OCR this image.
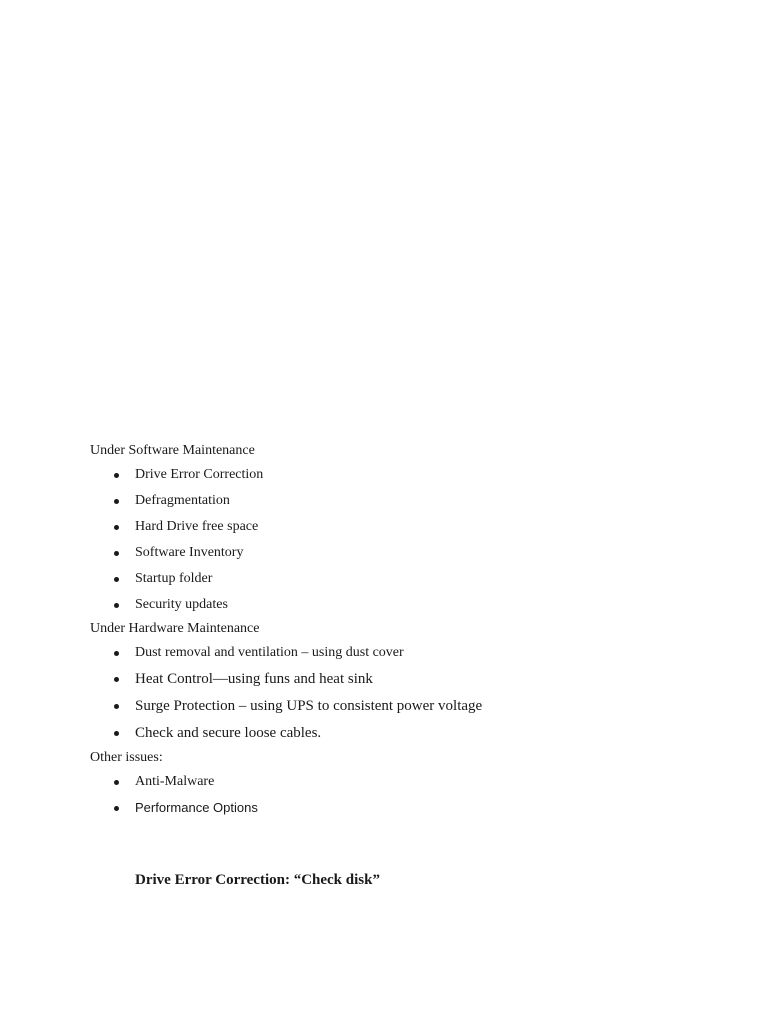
Under Software Maintenance

Drive Error Correction
Defragmentation
Hard Drive free space
Software Inventory
Startup folder
Security updates

Under Hardware Maintenance

Dust removal and ventilation – using dust cover
Heat Control—using funs and heat sink
Surge Protection – using UPS to consistent power voltage
Check and secure loose cables.

Other issues:

Anti-Malware
Performance Options

Drive Error Correction: “Check disk”
